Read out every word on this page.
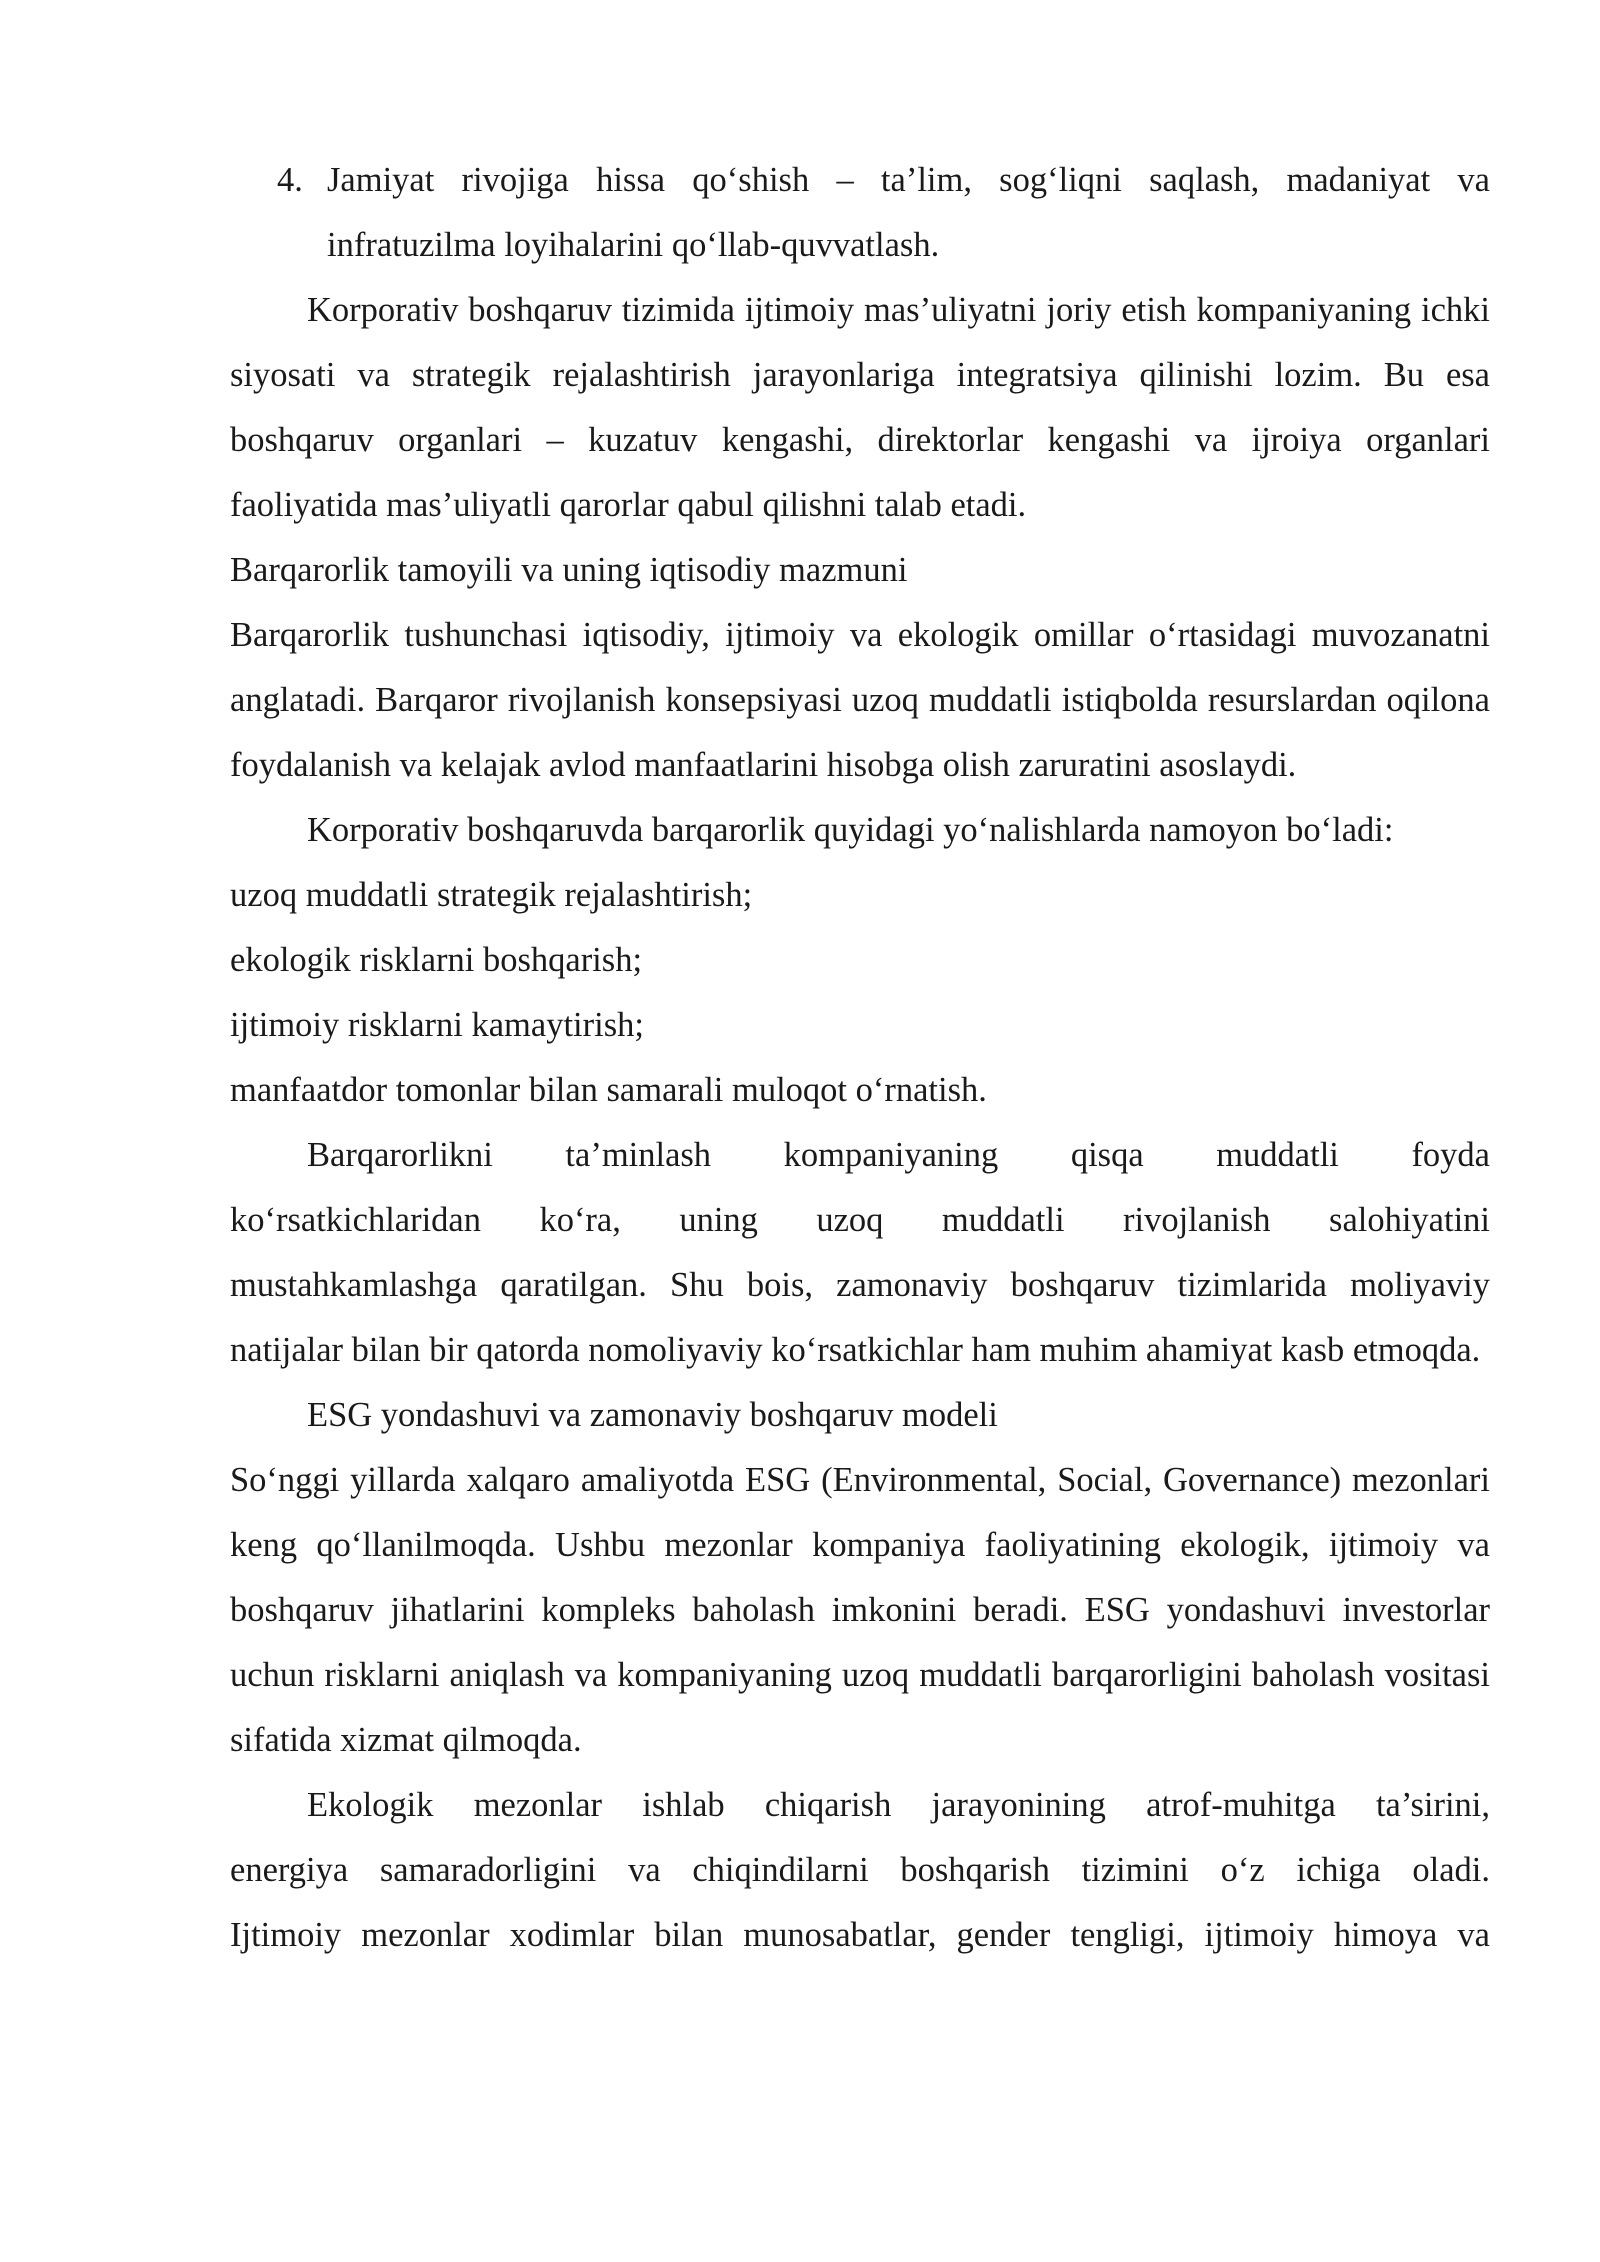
4. Jamiyat rivojiga hissa qo‘shish – ta’lim, sog‘liqni saqlash, madaniyat va infratuzilma loyihalarini qo‘llab-quvvatlash.

Korporativ boshqaruv tizimida ijtimoiy mas’uliyatni joriy etish kompaniyaning ichki siyosati va strategik rejalashtirish jarayonlariga integratsiya qilinishi lozim. Bu esa boshqaruv organlari – kuzatuv kengashi, direktorlar kengashi va ijroiya organlari faoliyatida mas’uliyatli qarorlar qabul qilishni talab etadi.

Barqarorlik tamoyili va uning iqtisodiy mazmuni

Barqarorlik tushunchasi iqtisodiy, ijtimoiy va ekologik omillar o‘rtasidagi muvozanatni anglatadi. Barqaror rivojlanish konsepsiyasi uzoq muddatli istiqbolda resurslardan oqilona foydalanish va kelajak avlod manfaatlarini hisobga olish zaruratini asoslaydi.

Korporativ boshqaruvda barqarorlik quyidagi yo‘nalishlarda namoyon bo‘ladi:

uzoq muddatli strategik rejalashtirish;

ekologik risklarni boshqarish;

ijtimoiy risklarni kamaytirish;

manfaatdor tomonlar bilan samarali muloqot o‘rnatish.

Barqarorlikni ta’minlash kompaniyaning qisqa muddatli foyda

ko‘rsatkichlaridan ko‘ra, uning uzoq muddatli rivojlanish salohiyatini

mustahkamlashga qaratilgan. Shu bois, zamonaviy boshqaruv tizimlarida moliyaviy natijalar bilan bir qatorda nomoliyaviy ko‘rsatkichlar ham muhim ahamiyat kasb etmoqda.

ESG yondashuvi va zamonaviy boshqaruv modeli

So‘nggi yillarda xalqaro amaliyotda ESG (Environmental, Social, Governance) mezonlari keng qo‘llanilmoqda. Ushbu mezonlar kompaniya faoliyatining ekologik, ijtimoiy va boshqaruv jihatlarini kompleks baholash imkonini beradi. ESG yondashuvi investorlar uchun risklarni aniqlash va kompaniyaning uzoq muddatli barqarorligini baholash vositasi sifatida xizmat qilmoqda.

Ekologik mezonlar ishlab chiqarish jarayonining atrof-muhitga ta’sirini,

energiya samaradorligini va chiqindilarni boshqarish tizimini o‘z ichiga oladi.

Ijtimoiy mezonlar xodimlar bilan munosabatlar, gender tengligi, ijtimoiy himoya va
